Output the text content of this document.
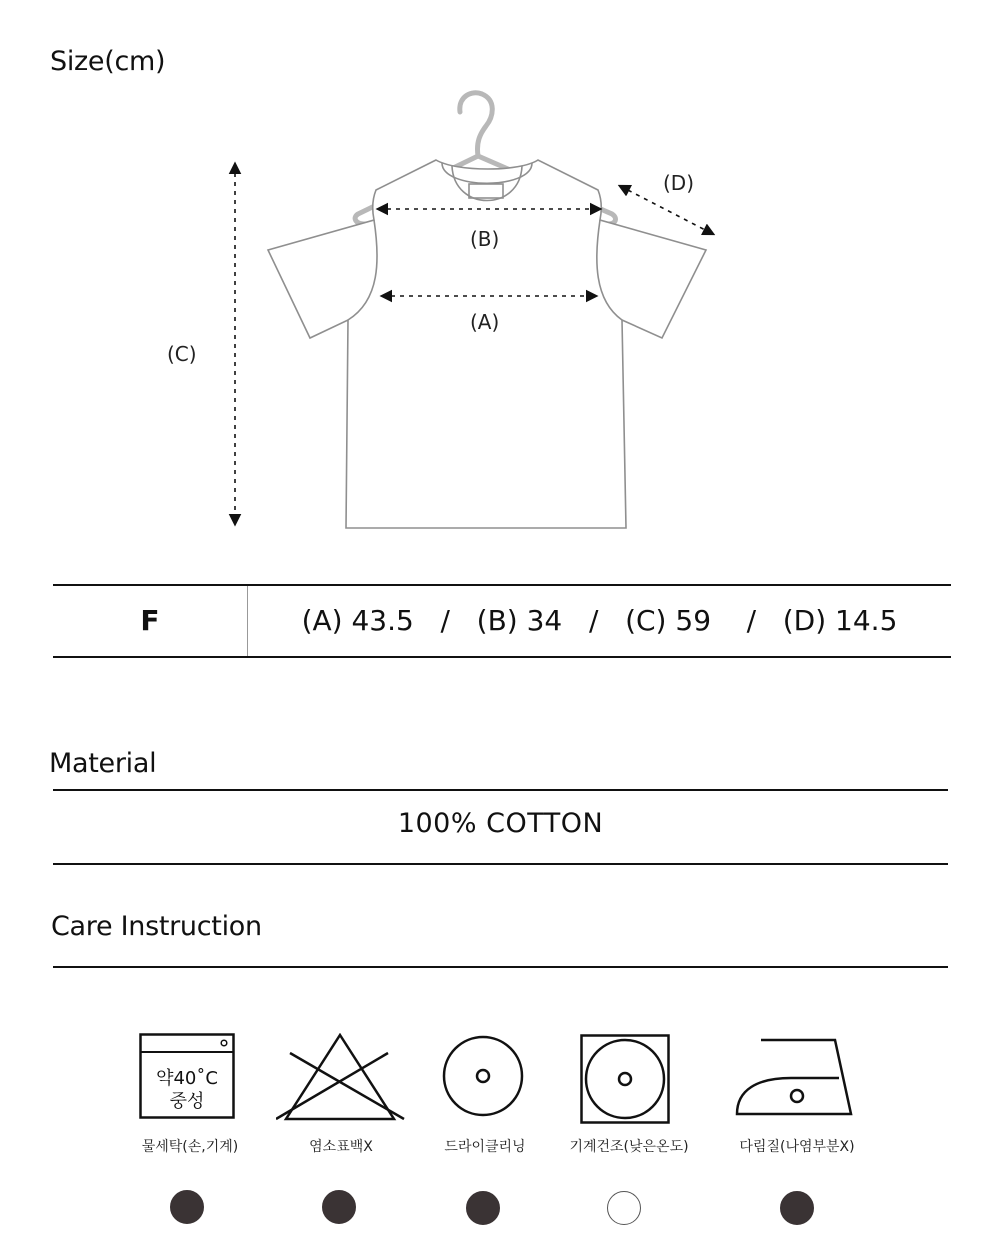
Size(cm)
(B)
(A)
(C)
(D)
F	(A) 43.5   /   (B) 34   /   (C) 59    /   (D) 14.5
Material
100% COTTON
Care Instruction
약40˚C
중성
물세탁(손,기계)	염소표백X	드라이클리닝	기계건조(낮은온도)	다림질(나염부분X)
